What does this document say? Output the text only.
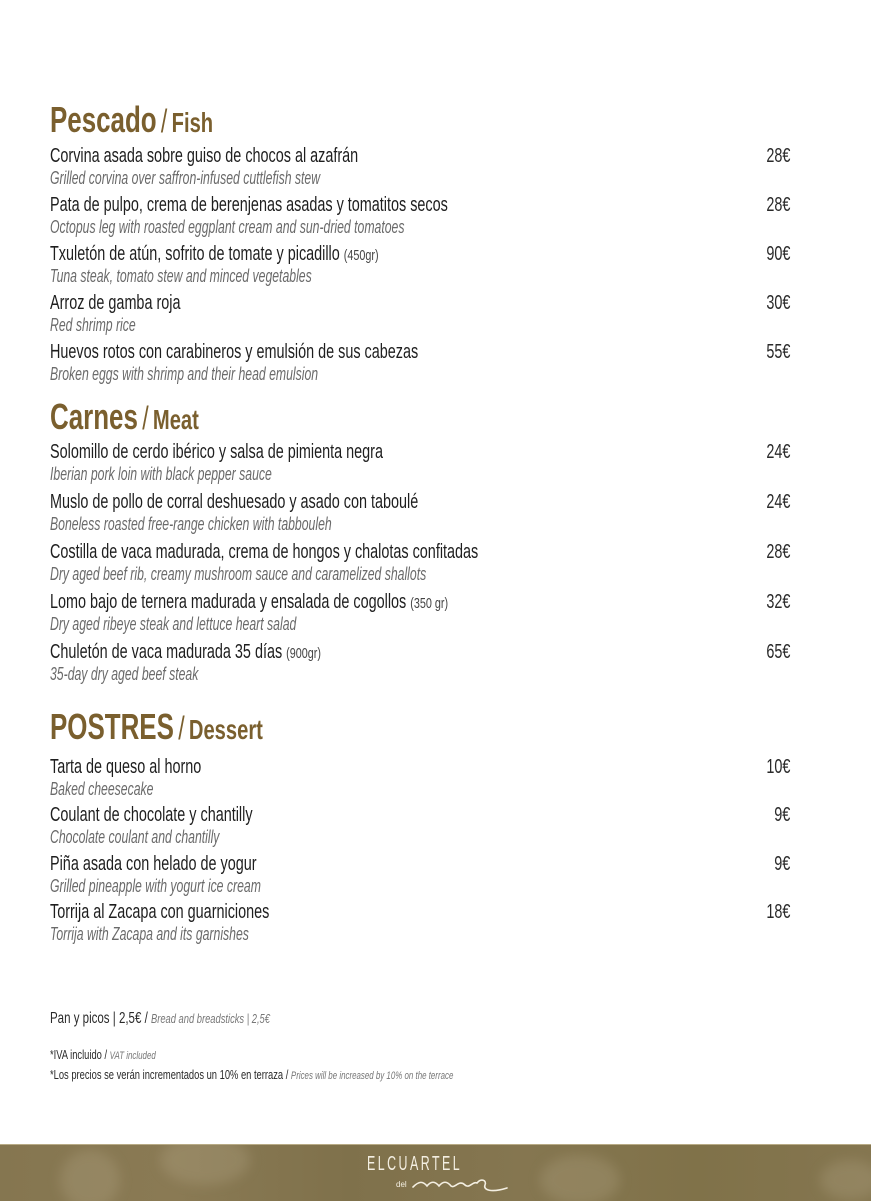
Pescado / Fish
Corvina asada sobre guiso de chocos al azafrán
Grilled corvina over saffron-infused cuttlefish stew
28€
Pata de pulpo, crema de berenjenas asadas y tomatitos secos
Octopus leg with roasted eggplant cream and sun-dried tomatoes
28€
Txuletón de atún, sofrito de tomate y picadillo (450gr)
Tuna steak, tomato stew and minced vegetables
90€
Arroz de gamba roja
Red shrimp rice
30€
Huevos rotos con carabineros y emulsión de sus cabezas
Broken eggs with shrimp and their head emulsion
55€
Carnes / Meat
Solomillo de cerdo ibérico y salsa de pimienta negra
Iberian pork loin with black pepper sauce
24€
Muslo de pollo de corral deshuesado y asado con taboulé
Boneless roasted free-range chicken with tabbouleh
24€
Costilla de vaca madurada, crema de hongos y chalotas confitadas
Dry aged beef rib, creamy mushroom sauce and caramelized shallots
28€
Lomo bajo de ternera madurada y ensalada de cogollos (350 gr)
Dry aged ribeye steak and lettuce heart salad
32€
Chuletón de vaca madurada 35 días (900gr)
35-day dry aged beef steak
65€
POSTRES / Dessert
Tarta de queso al horno
Baked cheesecake
10€
Coulant de chocolate y chantilly
Chocolate coulant and chantilly
9€
Piña asada con helado de yogur
Grilled pineapple with yogurt ice cream
9€
Torrija al Zacapa con guarniciones
Torrija with Zacapa and its garnishes
18€
Pan y picos | 2,5€ / Bread and breadsticks | 2,5€
*IVA incluido / VAT included
*Los precios se verán incrementados un 10% en terraza / Prices will be increased by 10% on the terrace
ELCUARTEL
del
